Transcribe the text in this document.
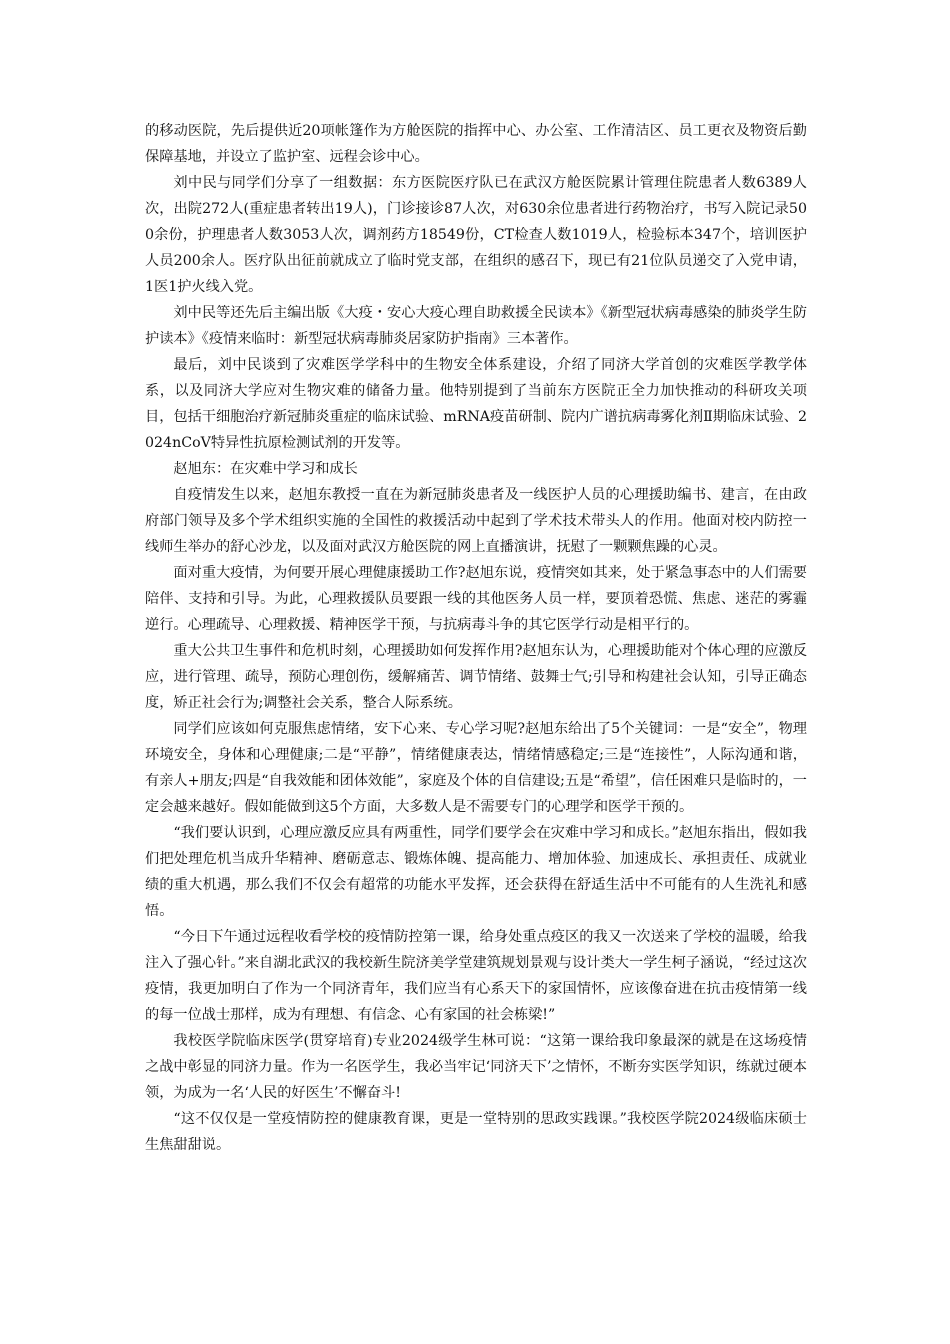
的移动医院，先后提供近20项帐篷作为方舱医院的指挥中心、办公室、工作清洁区、员工更衣及物资后勤保障基地，并设立了监护室、远程会诊中心。

刘中民与同学们分享了一组数据：东方医院医疗队已在武汉方舱医院累计管理住院患者人数6389人次，出院272人(重症患者转出19人)，门诊接诊87人次，对630余位患者进行药物治疗，书写入院记录500余份，护理患者人数3053人次，调剂药方18549份，CT检查人数1019人，检验标本347个，培训医护人员200余人。医疗队出征前就成立了临时党支部，在组织的感召下，现已有21位队员递交了入党申请，1医1护火线入党。

刘中民等还先后主编出版《大疫・安心大疫心理自助救援全民读本》《新型冠状病毒感染的肺炎学生防护读本》《疫情来临时：新型冠状病毒肺炎居家防护指南》三本著作。

最后，刘中民谈到了灾难医学学科中的生物安全体系建设，介绍了同济大学首创的灾难医学教学体系，以及同济大学应对生物灾难的储备力量。他特别提到了当前东方医院正全力加快推动的科研攻关项目，包括干细胞治疗新冠肺炎重症的临床试验、mRNA疫苗研制、院内广谱抗病毒雾化剂Ⅱ期临床试验、2024nCoV特异性抗原检测试剂的开发等。

赵旭东：在灾难中学习和成长

自疫情发生以来，赵旭东教授一直在为新冠肺炎患者及一线医护人员的心理援助编书、建言，在由政府部门领导及多个学术组织实施的全国性的救援活动中起到了学术技术带头人的作用。他面对校内防控一线师生举办的舒心沙龙，以及面对武汉方舱医院的网上直播演讲，抚慰了一颗颗焦躁的心灵。

面对重大疫情，为何要开展心理健康援助工作?赵旭东说，疫情突如其来，处于紧急事态中的人们需要陪伴、支持和引导。为此，心理救援队员要跟一线的其他医务人员一样，要顶着恐慌、焦虑、迷茫的雾霾逆行。心理疏导、心理救援、精神医学干预，与抗病毒斗争的其它医学行动是相平行的。

重大公共卫生事件和危机时刻，心理援助如何发挥作用?赵旭东认为，心理援助能对个体心理的应激反应，进行管理、疏导，预防心理创伤，缓解痛苦、调节情绪、鼓舞士气;引导和构建社会认知，引导正确态度，矫正社会行为;调整社会关系，整合人际系统。

同学们应该如何克服焦虑情绪，安下心来、专心学习呢?赵旭东给出了5个关键词：一是“安全”，物理环境安全，身体和心理健康;二是“平静”，情绪健康表达，情绪情感稳定;三是“连接性”，人际沟通和谐，有亲人+朋友;四是“自我效能和团体效能”，家庭及个体的自信建设;五是“希望”，信任困难只是临时的，一定会越来越好。假如能做到这5个方面，大多数人是不需要专门的心理学和医学干预的。

“我们要认识到，心理应激反应具有两重性，同学们要学会在灾难中学习和成长。”赵旭东指出，假如我们把处理危机当成升华精神、磨砺意志、锻炼体魄、提高能力、增加体验、加速成长、承担责任、成就业绩的重大机遇，那么我们不仅会有超常的功能水平发挥，还会获得在舒适生活中不可能有的人生洗礼和感悟。

“今日下午通过远程收看学校的疫情防控第一课，给身处重点疫区的我又一次送来了学校的温暖，给我注入了强心针。”来自湖北武汉的我校新生院济美学堂建筑规划景观与设计类大一学生柯子涵说，“经过这次疫情，我更加明白了作为一个同济青年，我们应当有心系天下的家国情怀，应该像奋进在抗击疫情第一线的每一位战士那样，成为有理想、有信念、心有家国的社会栋梁!”

我校医学院临床医学(贯穿培育)专业2024级学生林可说：“这第一课给我印象最深的就是在这场疫情之战中彰显的同济力量。作为一名医学生，我必当牢记‘同济天下’之情怀，不断夯实医学知识，练就过硬本领，为成为一名‘人民的好医生’不懈奋斗!

“这不仅仅是一堂疫情防控的健康教育课，更是一堂特别的思政实践课。”我校医学院2024级临床硕士生焦甜甜说。
